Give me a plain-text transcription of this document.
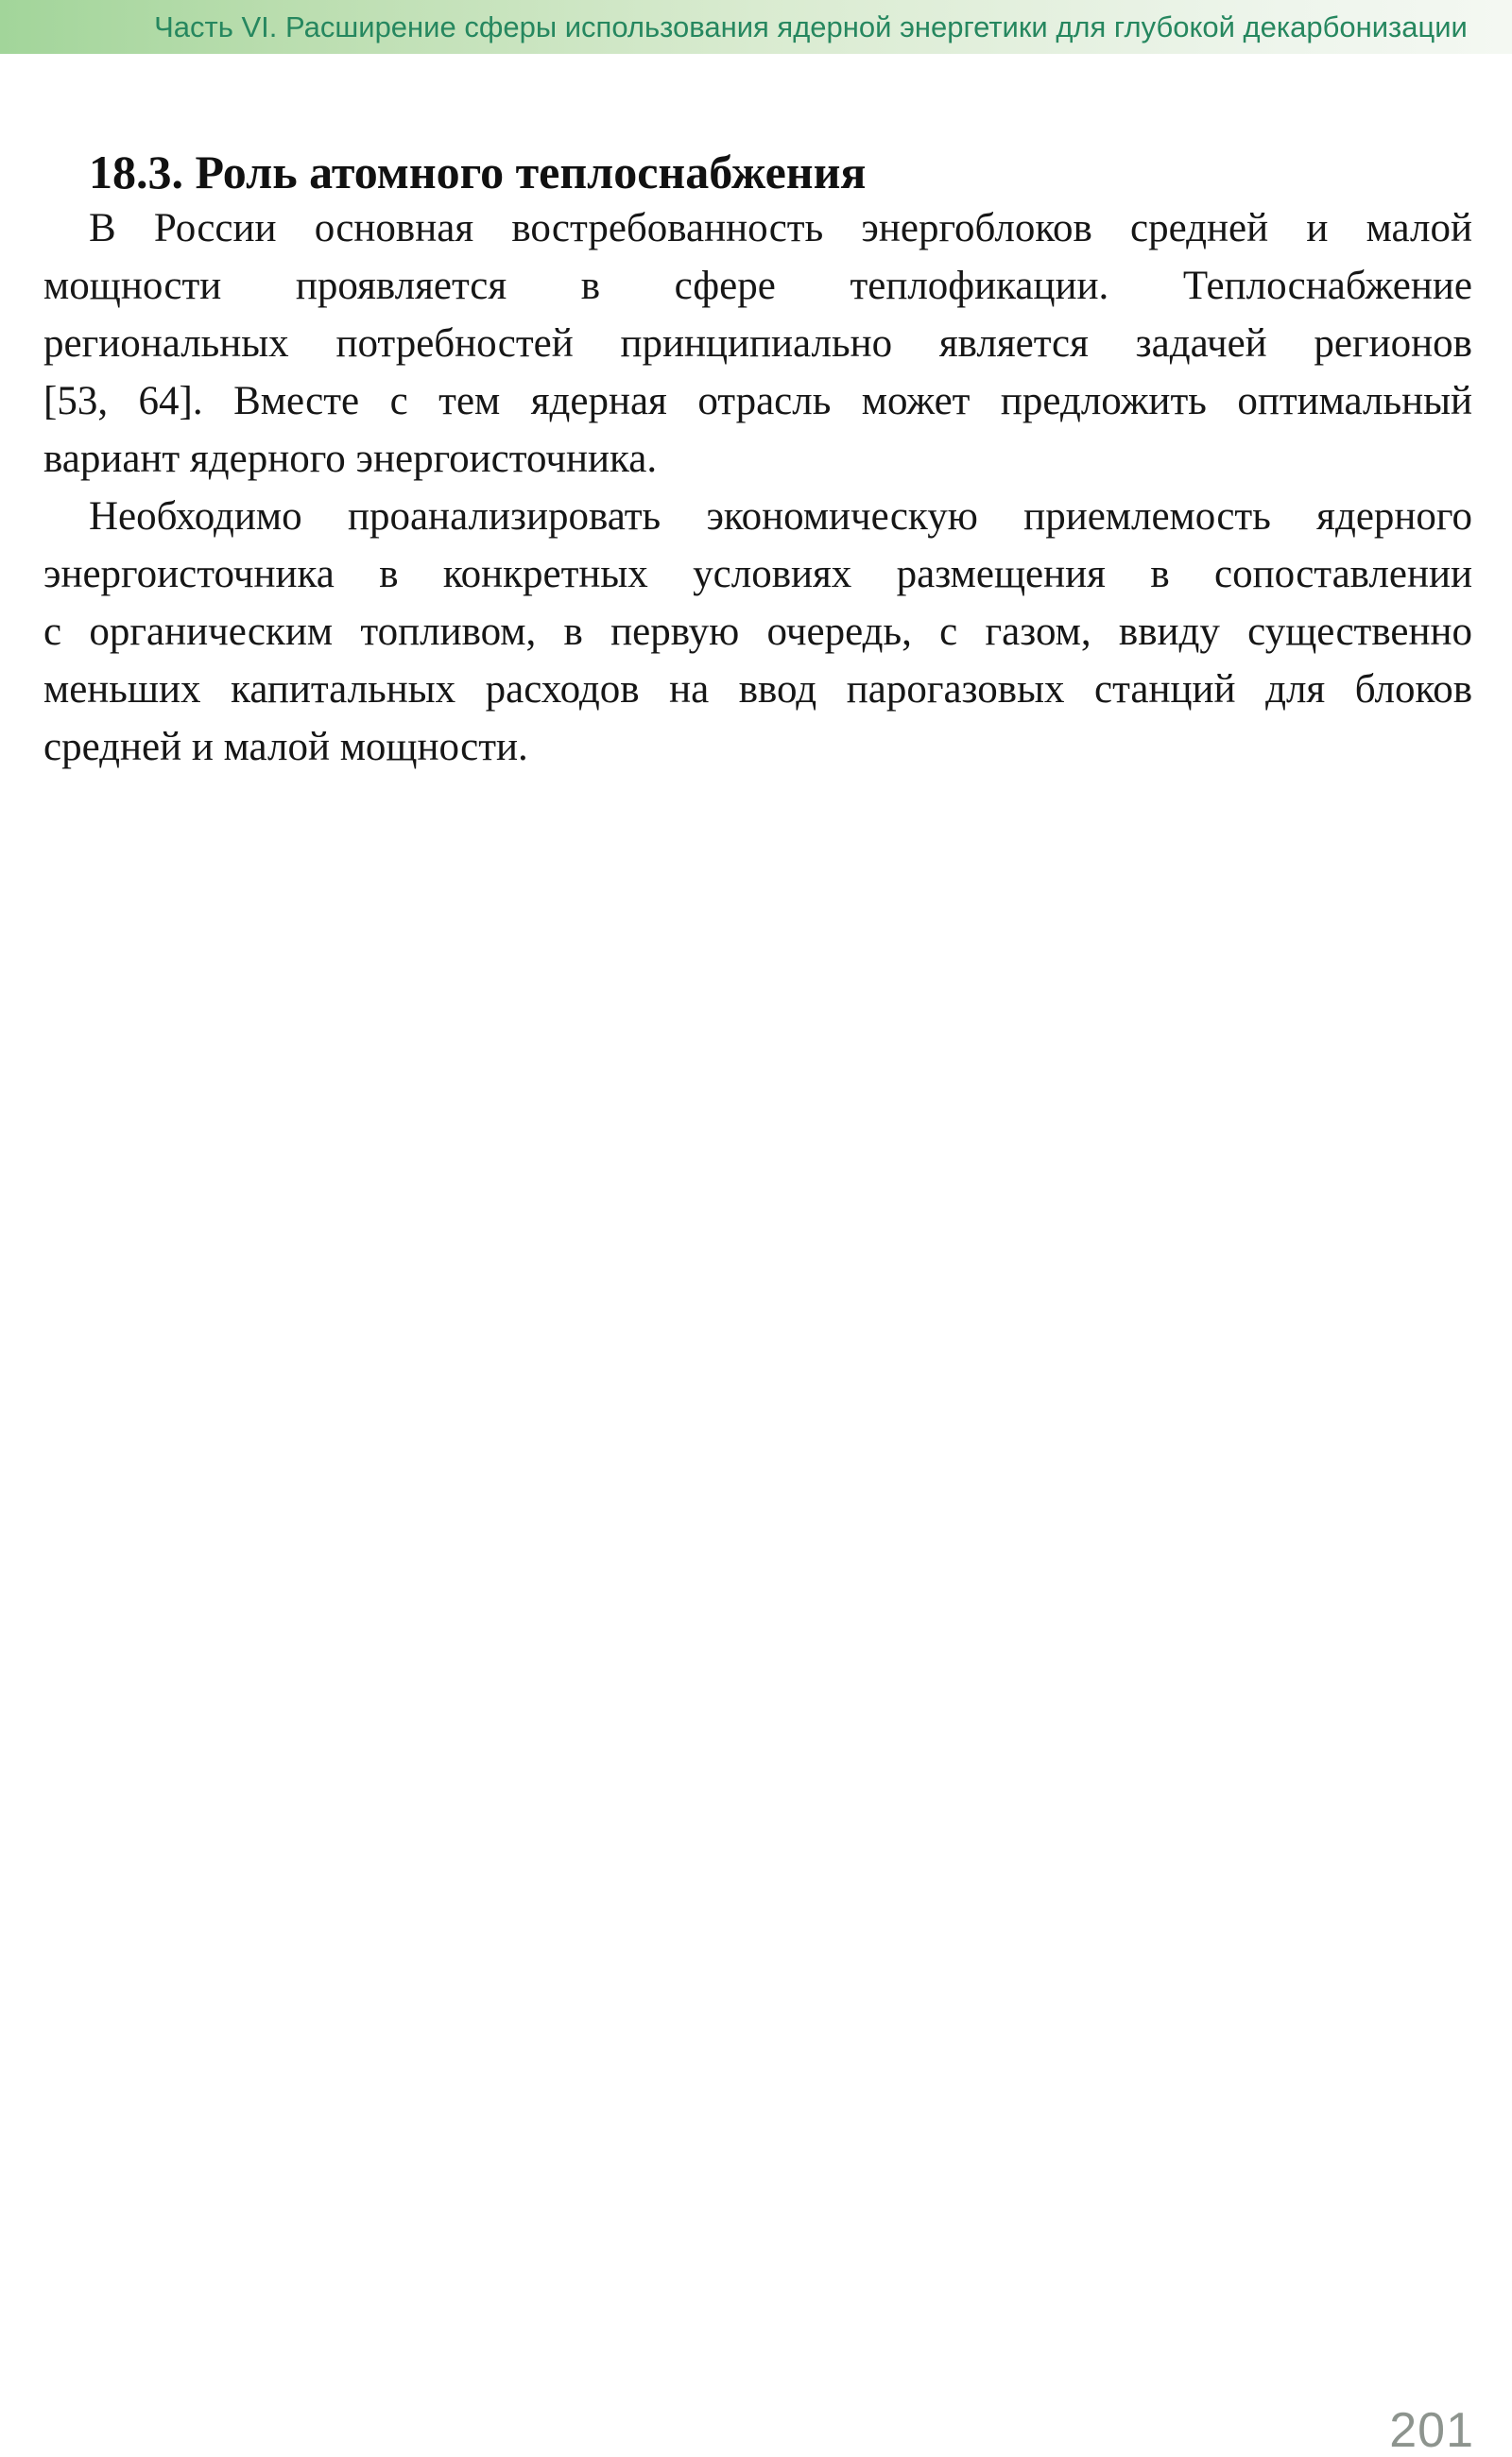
Часть VI. Расширение сферы использования ядерной энергетики для глубокой декарбонизации
18.3. Роль атомного теплоснабжения
В России основная востребованность энергоблоков средней и малой
мощности проявляется в сфере теплофикации. Теплоснабжение
региональных потребностей принципиально является задачей регионов
[53, 64]. Вместе с тем ядерная отрасль может предложить оптимальный
вариант ядерного энергоисточника.
Необходимо проанализировать экономическую приемлемость ядерного
энергоисточника в конкретных условиях размещения в сопоставлении
с органическим топливом, в первую очередь, с газом, ввиду существенно
меньших капитальных расходов на ввод парогазовых станций для блоков
средней и малой мощности.
201
